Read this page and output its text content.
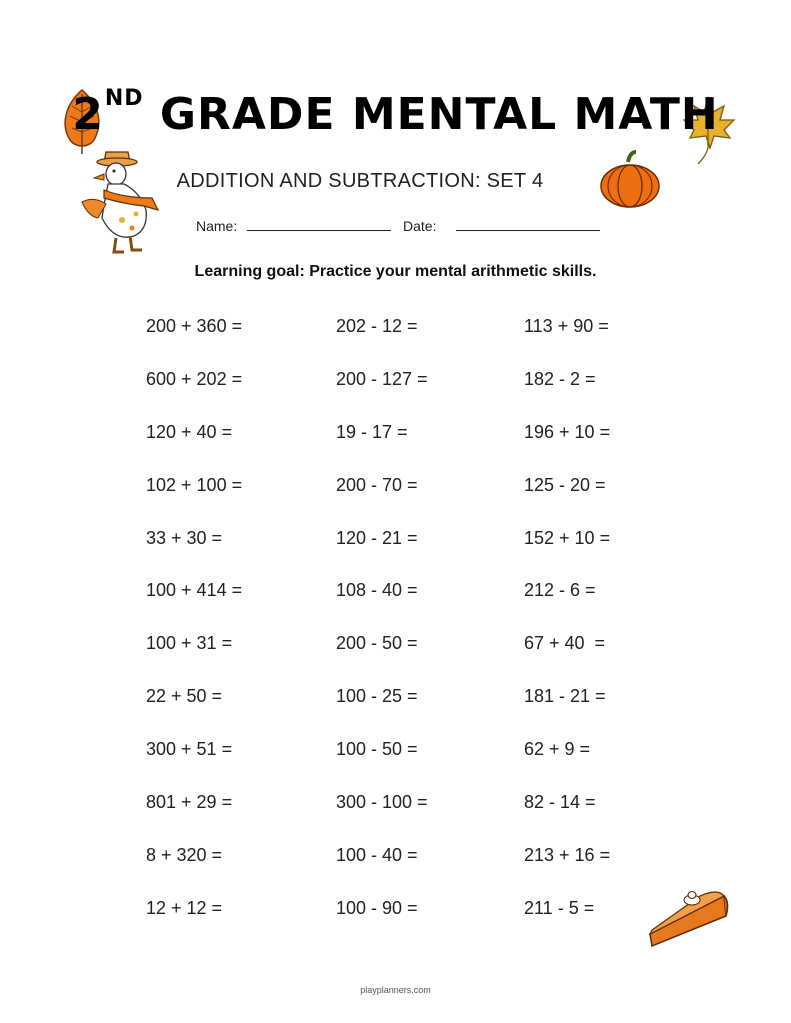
2ND GRADE MENTAL MATH
ADDITION AND SUBTRACTION: SET 4
Name:	Date:
Learning goal: Practice your mental arithmetic skills.
200 + 360 =	202 - 12 =	113 + 90 =
600 + 202 =	200 - 127 =	182 - 2 =
120 + 40 =	19 - 17 =	196 + 10 =
102 + 100 =	200 - 70 =	125 - 20 =
33 + 30 =	120 - 21 =	152 + 10 =
100 + 414 =	108 - 40 =	212 - 6 =
100 + 31 =	200 - 50 =	67 + 40  =
22 + 50 =	100 - 25 =	181 - 21 =
300 + 51 =	100 - 50 =	62 + 9 =
801 + 29 =	300 - 100 =	82 - 14 =
8 + 320 =	100 - 40 =	213 + 16 =
12 + 12 =	100 - 90 =	211 - 5 =
playplanners.com
